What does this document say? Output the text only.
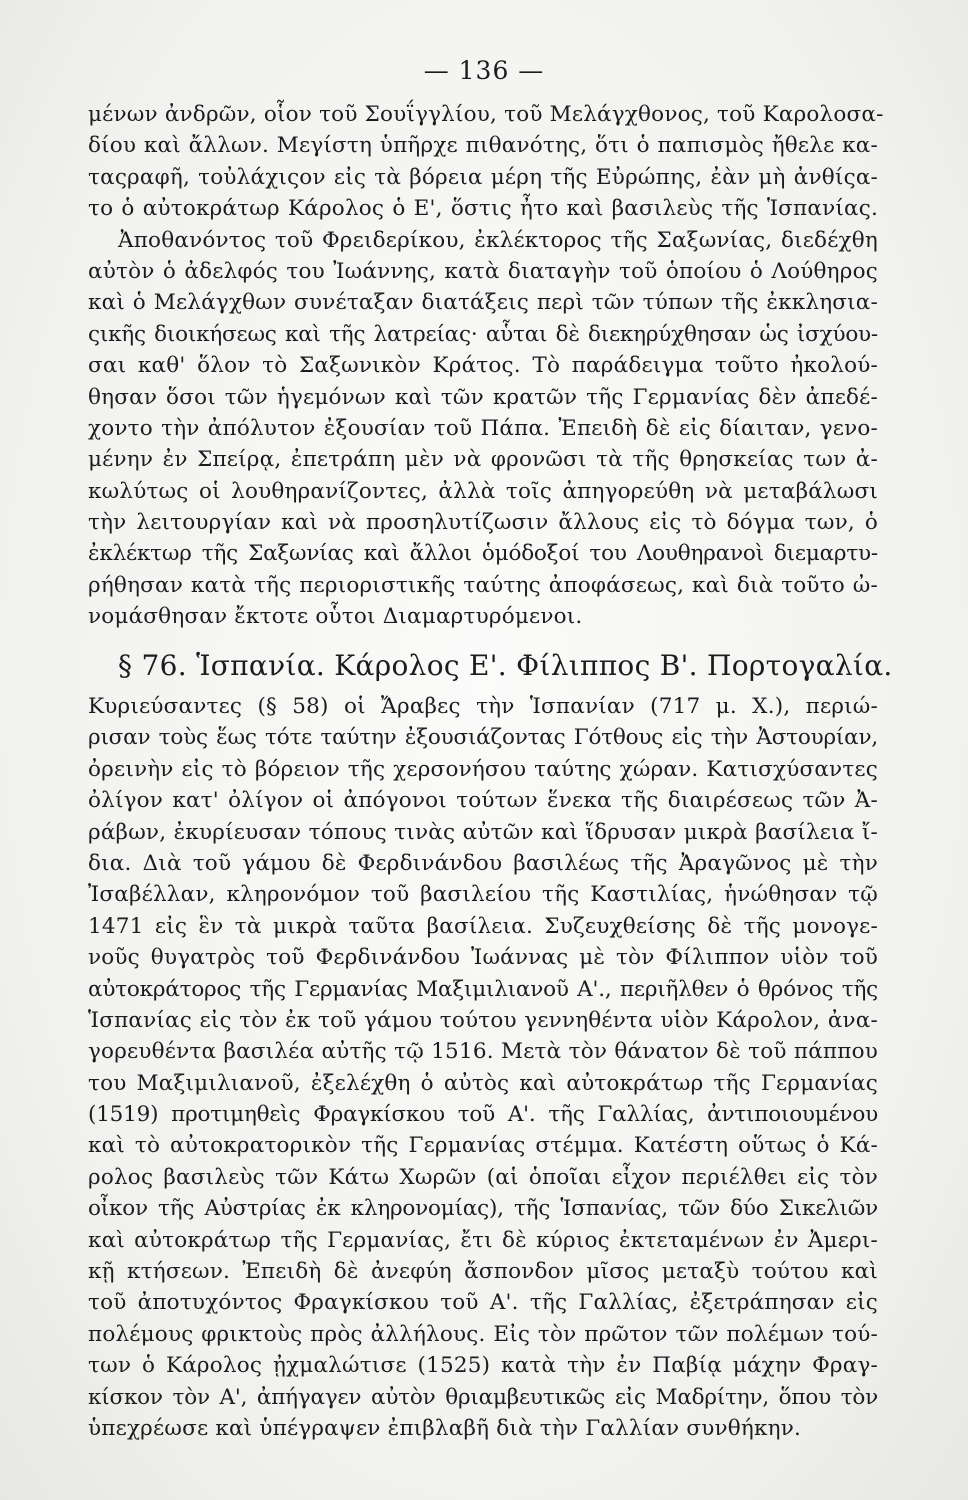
— 136 —
μένων ἀνδρῶν, οἷον τοῦ Σουΐγγλίου, τοῦ Μελάγχθονος, τοῦ Καρολοσα-
δίου καὶ ἄλλων. Μεγίστη ὑπῆρχε πιθανότης, ὅτι ὁ παπισμὸς ἤθελε κα-
ταςραφῆ, τοὐλάχιςον εἰς τὰ βόρεια μέρη τῆς Εὐρώπης, ἐὰν μὴ ἀνθίςα-
το ὁ αὐτοκράτωρ Κάρολος ὁ Ε', ὅστις ἦτο καὶ βασιλεὺς τῆς Ἱσπανίας.
Ἀποθανόντος τοῦ Φρειδερίκου, ἐκλέκτορος τῆς Σαξωνίας, διεδέχθη
αὐτὸν ὁ ἀδελφός του Ἰωάννης, κατὰ διαταγὴν τοῦ ὁποίου ὁ Λούθηρος
καὶ ὁ Μελάγχθων συνέταξαν διατάξεις περὶ τῶν τύπων τῆς ἐκκλησια-
ςικῆς διοικήσεως καὶ τῆς λατρείας· αὗται δὲ διεκηρύχθησαν ὡς ἰσχύου-
σαι καθ' ὅλον τὸ Σαξωνικὸν Κράτος. Τὸ παράδειγμα τοῦτο ἠκολού-
θησαν ὅσοι τῶν ἡγεμόνων καὶ τῶν κρατῶν τῆς Γερμανίας δὲν ἀπεδέ-
χοντο τὴν ἀπόλυτον ἐξουσίαν τοῦ Πάπα. Ἐπειδὴ δὲ εἰς δίαιταν, γενο-
μένην ἐν Σπείρᾳ, ἐπετράπη μὲν νὰ φρονῶσι τὰ τῆς θρησκείας των ἀ-
κωλύτως οἱ λουθηρανίζοντες, ἀλλὰ τοῖς ἀπηγορεύθη νὰ μεταβάλωσι
τὴν λειτουργίαν καὶ νὰ προσηλυτίζωσιν ἄλλους εἰς τὸ δόγμα των, ὁ
ἐκλέκτωρ τῆς Σαξωνίας καὶ ἄλλοι ὁμόδοξοί του Λουθηρανοὶ διεμαρτυ-
ρήθησαν κατὰ τῆς περιοριστικῆς ταύτης ἀποφάσεως, καὶ διὰ τοῦτο ὠ-
νομάσθησαν ἔκτοτε οὗτοι Διαμαρτυρόμενοι.
§ 76. Ἱσπανία. Κάρολος Ε'. Φίλιππος Β'. Πορτογαλία.
Κυριεύσαντες (§ 58) οἱ Ἄραβες τὴν Ἱσπανίαν (717 μ. Χ.), περιώ-
ρισαν τοὺς ἕως τότε ταύτην ἐξουσιάζοντας Γότθους εἰς τὴν Ἀστουρίαν,
ὀρεινὴν εἰς τὸ βόρειον τῆς χερσονήσου ταύτης χώραν. Κατισχύσαντες
ὀλίγον κατ' ὀλίγον οἱ ἀπόγονοι τούτων ἕνεκα τῆς διαιρέσεως τῶν Ἀ-
ράβων, ἐκυρίευσαν τόπους τινὰς αὐτῶν καὶ ἵδρυσαν μικρὰ βασίλεια ἴ-
δια. Διὰ τοῦ γάμου δὲ Φερδινάνδου βασιλέως τῆς Ἀραγῶνος μὲ τὴν
Ἰσαβέλλαν, κληρονόμον τοῦ βασιλείου τῆς Καστιλίας, ἡνώθησαν τῷ
1471 εἰς ἓν τὰ μικρὰ ταῦτα βασίλεια. Συζευχθείσης δὲ τῆς μονογε-
νοῦς θυγατρὸς τοῦ Φερδινάνδου Ἰωάννας μὲ τὸν Φίλιππον υἱὸν τοῦ
αὐτοκράτορος τῆς Γερμανίας Μαξιμιλιανοῦ Α'., περιῆλθεν ὁ θρόνος τῆς
Ἱσπανίας εἰς τὸν ἐκ τοῦ γάμου τούτου γεννηθέντα υἱὸν Κάρολον, ἀνα-
γορευθέντα βασιλέα αὐτῆς τῷ 1516. Μετὰ τὸν θάνατον δὲ τοῦ πάππου
του Μαξιμιλιανοῦ, ἐξελέχθη ὁ αὐτὸς καὶ αὐτοκράτωρ τῆς Γερμανίας
(1519) προτιμηθεὶς Φραγκίσκου τοῦ Α'. τῆς Γαλλίας, ἀντιποιουμένου
καὶ τὸ αὐτοκρατορικὸν τῆς Γερμανίας στέμμα. Κατέστη οὕτως ὁ Κά-
ρολος βασιλεὺς τῶν Κάτω Χωρῶν (αἱ ὁποῖαι εἶχον περιέλθει εἰς τὸν
οἶκον τῆς Αὐστρίας ἐκ κληρονομίας), τῆς Ἱσπανίας, τῶν δύο Σικελιῶν
καὶ αὐτοκράτωρ τῆς Γερμανίας, ἔτι δὲ κύριος ἐκτεταμένων ἐν Ἀμερι-
κῇ κτήσεων. Ἐπειδὴ δὲ ἀνεφύη ἄσπονδον μῖσος μεταξὺ τούτου καὶ
τοῦ ἀποτυχόντος Φραγκίσκου τοῦ Α'. τῆς Γαλλίας, ἐξετράπησαν εἰς
πολέμους φρικτοὺς πρὸς ἀλλήλους. Εἰς τὸν πρῶτον τῶν πολέμων τού-
των ὁ Κάρολος ᾐχμαλώτισε (1525) κατὰ τὴν ἐν Παβίᾳ μάχην Φραγ-
κίσκον τὸν Α', ἀπήγαγεν αὐτὸν θριαμβευτικῶς εἰς Μαδρίτην, ὅπου τὸν
ὑπεχρέωσε καὶ ὑπέγραψεν ἐπιβλαβῆ διὰ τὴν Γαλλίαν συνθήκην.
